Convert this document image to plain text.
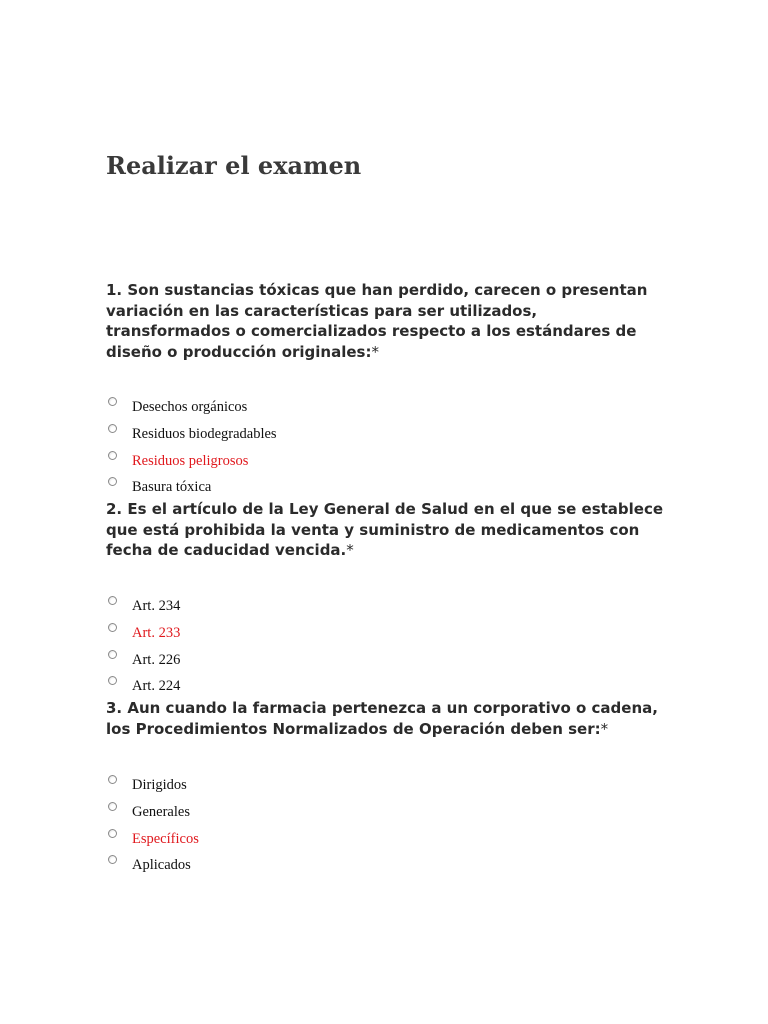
Realizar el examen

1. Son sustancias tóxicas que han perdido, carecen o presentan variación en las características para ser utilizados, transformados o comercializados respecto a los estándares de diseño o producción originales:*

Desechos orgánicos
Residuos biodegradables
Residuos peligrosos
Basura tóxica

2. Es el artículo de la Ley General de Salud en el que se establece que está prohibida la venta y suministro de medicamentos con fecha de caducidad vencida.*

Art. 234
Art. 233
Art. 226
Art. 224

3. Aun cuando la farmacia pertenezca a un corporativo o cadena, los Procedimientos Normalizados de Operación deben ser:*

Dirigidos
Generales
Específicos
Aplicados
